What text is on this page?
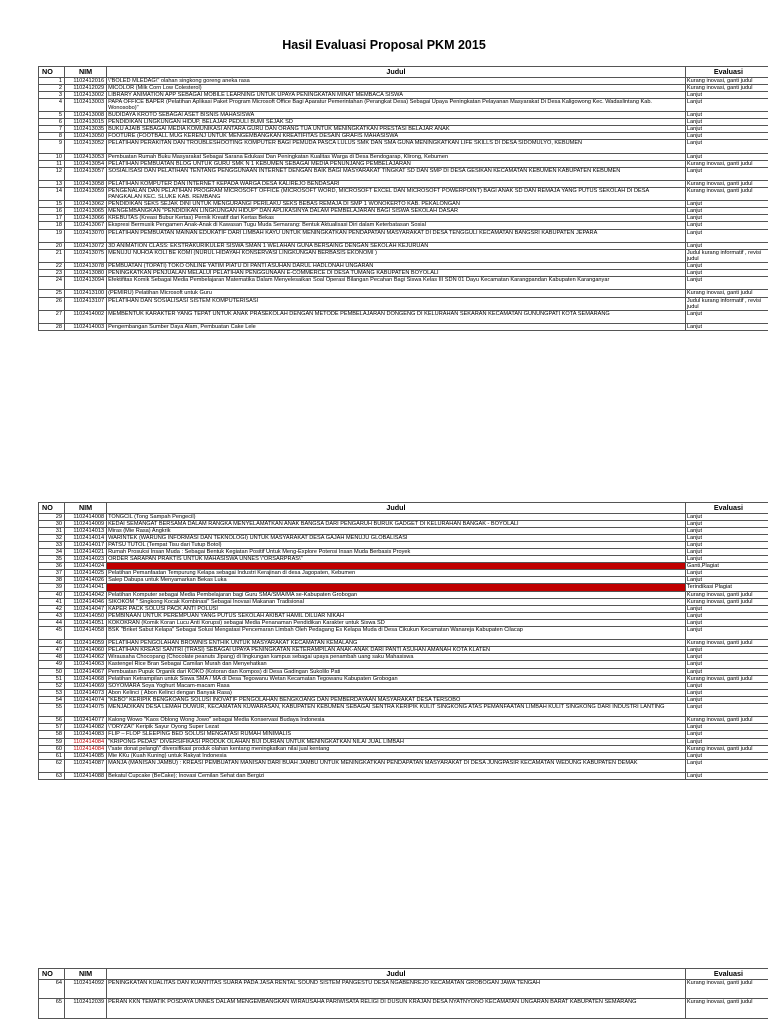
Hasil Evaluasi Proposal PKM 2015
NO	NIM	Judul	Evaluasi
1	1102412016	\"BOLED MLEDAG\" olahan singkong goreng aneka rasa	Kurang inovasi, ganti judul
2	1102412029	MICOLOR (Milk Corn Low Colesterol)	Kurang inovasi, ganti judul
3	1102413002	LIBRARY ANIMATION APP SEBAGAI MOBILE LEARNING UNTUK UPAYA PENINGKATAN MINAT MEMBACA SISWA	Lanjut
4	1102413003	PAPA OFFICE BAPER (Pelatihan Aplikasi Paket Program Microsoft Office Bagi Aparatur Pemerintahan (Perangkat Desa) Sebagai Upaya Peningkatan Pelayanan Masyarakat Di Desa Kaligowong Kec. Wadaslintang Kab. Wonosobo)"	Lanjut
5	1102413008	BUDIDAYA KROTO SEBAGAI ASET BISNIS MAHASISWA	Lanjut
6	1102413015	PENDIDIKAN LINGKUNGAN HIDUP, BELAJAR PEDULI BUMI SEJAK SD	Lanjut
7	1102413035	BUKU AJAIB SEBAGAI MEDIA KOMUNIKASI ANTARA GURU DAN ORANG TUA UNTUK MENINGKATKAN PRESTASI BELAJAR ANAK	Lanjut
8	1102413050	FOOTURE (FOOTBALL MUG KERENJ UNTUK MENGEMBANGKAN KREATIFITAS DESAIN GRAFIS MAHASISWA	Lanjut
9	1102413052	PELATIHAN PERAKITAN DAN TROUBLESHOOTING KOMPUTER BAGI PEMUDA PASCA LULUS SMK DAN SMA GUNA MENINGKATKAN LIFE SKILLS DI DESA SIDOMULYO, KEBUMEN	Lanjut
10	1102413053	Pembuatan Rumah Buku Masyarakat Sebagai Sarana Edukasi Dan Peningkatan Kualitas Warga di Desa Bendogarap, Klirong, Kebumen	Lanjut
11	1102413054	PELATIHAN PEMBUATAN BLOG UNTUK GURU SMK N 1 KEBUMEN SEBAGAI MEDIA PENUNJANG PEMBELAJARAN	Kurang inovasi, ganti judul
12	1102413057	SOSIALISASI DAN PELATIHAN TENTANG PENGGUNAAN INTERNET DENGAN BAIK BAGI MASYARAKAT TINGKAT SD DAN SMP DI DESA GESIKAN KECAMATAN KEBUMEN KABUPATEN KEBUMEN	Lanjut
13	1102413058	PELATIHAN KOMPUTER DAN INTERNET KEPADA WARGA DESA KALIREJO BENDASARI	Kurang inovasi, ganti judul
14	1102413059	PENGENALAN DAN PELATIHAN PROGRAM MICROSOFT OFFICE (MICROSOFT WORD, MICROSOFT EXCEL DAN MICROSOFT POWERPOINT) BAGI ANAK SD DAN REMAJA YANG PUTUS SEKOLAH DI DESA PANGKALAN KEC. SLUKE KAB. REMBANG	Kurang inovasi, ganti judul
15	1102413062	PENDIDIKAN SEKS SEJAK DINI UNTUK MENGURANGI PERILAKU SEKS BEBAS REMAJA DI SMP 1 WONOKERTO KAB. PEKALONGAN	Lanjut
16	1102413065	MENGEMBANGKAN "PENDIDIKAN LINGKUNGAN HIDUP" DAN APLIKASINYA DALAM PEMBELAJARAN BAGI SISWA SEKOLAH DASAR	Lanjut
17	1102413066	KREBUTAS (Kreasi Bubur Kertas) Pernik Kreatif dari Kertas Bekas	Lanjut
18	1102413067	Ekspresi Bermusik Pengamen Anak-Anak di Kawasan Tugu Muda Semarang: Bentuk Aktualisasi Diri dalam Keterbatasan Sosial	Lanjut
19	1102413070	PELATIHAN PEMBUATAN MAINAN EDUKATIF DARI LIMBAH KAYU UNTUK MENINGKATKAN PENDAPATAN MASYARAKAT DI DESA TENGGULI KECAMATAN BANGSRI KABUPATEN JEPARA	Lanjut
20	1102413072	3D ANIMATION CLASS: EKSTRAKURIKULER SISWA SMAN 1 WELAHAN GUNA BERSAING DENGAN SEKOLAH KEJURUAN	Lanjut
21	1102413075	MENUJU NUHOA KOLI BE KOMI (NURUL HIDAYAH KONSERVASI LINGKUNGAN BERBASIS EKONOMI )	Judul kurang informatif , revisi judul
22	1102413078	PEMBUATAN (TOPATI) TOKO ONLINE YATIM PIATU DI PANTI ASUHAN DARUL HADLONAH UNGARAN	Lanjut
23	1102413080	PENINGKATKAN PENJUALAN MELALUI PELATIHAN PENGGUNAAN E-COMMERCE DI DESA TUMANG KABUPATEN BOYOLALI	Lanjut
24	1102413094	Efektifitas Komik Sebagai Media Pembelajaran Matematika Dalam Menyelesaikan Soal Operasi Bilangan Pecahan Bagi Siswa Kelas III SDN 01 Dayu Kecamatan Karangpandan Kabupaten Karanganyar	Lanjut
25	1102413100	(PEMIRU) Pelatihan Microsoft untuk Guru	Kurang inovasi, ganti judul
26	1102413107	PELATIHAN DAN SOSIALISASI SISTEM KOMPUTERISASI	Judul kurang informatif , revisi judul
27	1102414002	MEMBENTUK KARAKTER YANG TEPAT UNTUK ANAK PRASEKOLAH DENGAN METODE PEMBELAJARAN DONGENG DI KELURAHAN SEKARAN KECAMATAN GUNUNGPATI KOTA SEMARANG	Lanjut
28	1102414003	Pengembangan Sumber Daya Alam, Pembuatan Cake Lele	Lanjut
NO	NIM	Judul	Evaluasi
29	1102414008	TONGCIL (Tong Sampah Pengecil)	Lanjut
30	1102414009	KEDAI SEMANGAT BERSAMA DALAM RANGKA MENYELAMATKAN ANAK BANGSA DARI PENGARUH BURUK GADGET DI KELURAHAN BANGAK - BOYOLALI	Lanjut
31	1102414013	Miras (Mie Rasa) Angkrik	Lanjut
32	1102414014	WARINTEK (WARUNG INFORMASI DAN TEKNOLOGI) UNTUK MASYARAKAT DESA GAJAH MENUJU GLOBALISASI	Lanjut
33	1102414017	PATSU TUTOL (Tempat Tisu dari Tutup Botol)	Lanjut
34	1102414021	Rumah Prosuksi Insan Muda : Sebagai Bentuk Kegiatan Positif Untuk Meng-Explore Potensi Insan Muda Berbasis Proyek	Lanjut
35	1102414023	ORDER SARAPAN PRAKTIS UNTUK MAHASISWA UNNES \"ORSARPRAS\"	Lanjut
36	1102414024	PELATIHAN PEMBUATAN BAHAN AJAR GURU SEKOLAH DASAR BERBASIS TEKNOLOGI	Ganti,Plagiat
37	1102414025	Pelatihan Pemanfaatan Tempurung Kelapa sebagai Industri Kerajinan di desa Jagopaten, Kebumen	Lanjut
38	1102414026	Salep Dabupa untuk Menyamarkan Bekas Luka	Lanjut
39	1102414041	BIOEDUKASI DENGAN MEDIA INTERAKTIF	Terindikasi Plagiat
40	1102414042	Pelatihan Komputer sebagai Media Pembelajaran bagi Guru SMA/SMA/MA se-Kabupaten Grobogan	Kurang inovasi, ganti judul
41	1102414046	SIKOKOM " Singkong Kocak Kombinasi" Sebagai Inovasi Makanan Tradisional	Kurang inovasi, ganti judul
42	1102414047	KAPER PACK SOLUSI PACK ANTI POLUSI	Lanjut
43	1102414050	PEMBINAAN UNTUK PEREMPUAN YANG PUTUS SEKOLAH AKIBAT HAMIL DILUAR NIKAH	Lanjut
44	1102414051	KOKOKRAN (Komik Koran Lucu Anti Korupsi) sebagai Media Penanaman Pendidikan Karakter untuk Siswa SD	Lanjut
45	1102414058	BSK "Briket Sabut Kelapa" Sebagai Solusi Mengatasi Pencemaran Limbah Oleh Pedagang Es Kelapa Muda di Desa Cikukun Kecamatan Wanareja Kabupaten Cilacap	Lanjut
46	1102414059	PELATIHAN PENGOLAHAN BROWNIS ENTHIK UNTUK MASYARAKAT KECAMATAN KEMALANG	Kurang inovasi, ganti judul
47	1102414060	PELATIHAN KREASI SANTRI (TRASI) SEBAGAI UPAYA PENINGKATAN KETERAMPILAN ANAK-ANAK DARI PANTI ASUHAN AMANAH KOTA KLATEN	Lanjut
48	1102414062	Wirausaha Chocopang (Chocolate peanuts Jipang) di lingkungan kampus sebagai upaya penambah uang saku Mahasiswa	Lanjut
49	1102414063	Kastengel Rice Bran Sebagai Camilan Murah dan Menyehatkan	Lanjut
50	1102414067	Pembuatan Pupuk Organik dari KOKO (Kotoran dan Kompos) di Desa Gadingan Sukolilo Pati	Lanjut
51	1102414068	Pelatihan Ketrampilan untuk Siswa SMA / MA di Desa Tegowanu Wetan Kecamatan Tegowanu Kabupaten Grobogan	Kurang inovasi, ganti judul
52	1102414069	SOYOMARA Soya Yoghurt Macam-macam Rasa	Lanjut
53	1102414073	Abon Kelinci ( Abon Kelinci dengan Banyak Rasa)	Lanjut
54	1102414074	"KEBO" KERIPIK BENGKOANG SOLUSI INOVATIF PENGOLAHAN BENGKOANG DAN PEMBERDAYAAN MASYARAKAT DESA TERSOBO	Lanjut
55	1102414075	MENJADIKAN DESA LEMAH DUWUR, KECAMATAN KUWARASAN, KABUPATEN KEBUMEN SEBAGAI SENTRA KERIPIK KULIT SINGKONG ATAS PEMANFAATAN LIMBAH KULIT SINGKONG DARI INDUSTRI LANTING	Lanjut
56	1102414077	Kalong Wowo "Kaos Oblong Wong Jowo" sebagai Media Konservasi Budaya Indonesia	Kurang inovasi, ganti judul
57	1102414082	\"ORYZA\" Keripik Sayur Oyong Super Lezat	Lanjut
58	1102414083	FLIP – FLOP SLEEPING BED SOLUSI MENGATASI RUMAH MINIMALIS	Lanjut
59	1102414084	"KRIPONG PEDAS" DIVERSIFIKASI PRODUK OLAHAN BIJI DURIAN UNTUK MENINGKATKAN NILAI JUAL LIMBAH	Lanjut
60	1102414084	\"sate donat pelangi\" diversifikasi produk olahan kentang meningkatkan nilai jual kentang	Kurang inovasi, ganti judul
61	1102414085	Mie KKu (Kuah Kuning) untuk Rakyat Indonesia	Lanjut
62	1102414087	MANJA (MANISAN JAMBU) : KREASI PEMBUATAN MANISAN DARI BUAH JAMBU UNTUK MENINGKATKAN PENDAPATAN MASYARAKAT DI DESA JUNGPASIR KECAMATAN WEDUNG KABUPATEN DEMAK	Lanjut
63	1102414088	Bekatul Cupcake (BeCake); Inovasi Cemilan Sehat dan Bergizi	Lanjut
NO	NIM	Judul	Evaluasi
64	1102414092	PENINGKATAN KUALITAS DAN KUANTITAS SUARA PADA JASA RENTAL SOUND SISTEM PANGESTU DESA NGABENREJO KECAMATAN GROBOGAN JAWA TENGAH	Kurang inovasi, ganti judul
65	1102412039	PERAN KKN TEMATIK POSDAYA UNNES DALAM MENGEMBANGKAN WIRAUSAHA PARIWISATA RELIGI DI DUSUN KRAJAN DESA NYATNYONO KECAMATAN UNGARAN BARAT KABUPATEN SEMARANG	Kurang inovasi, ganti judul
